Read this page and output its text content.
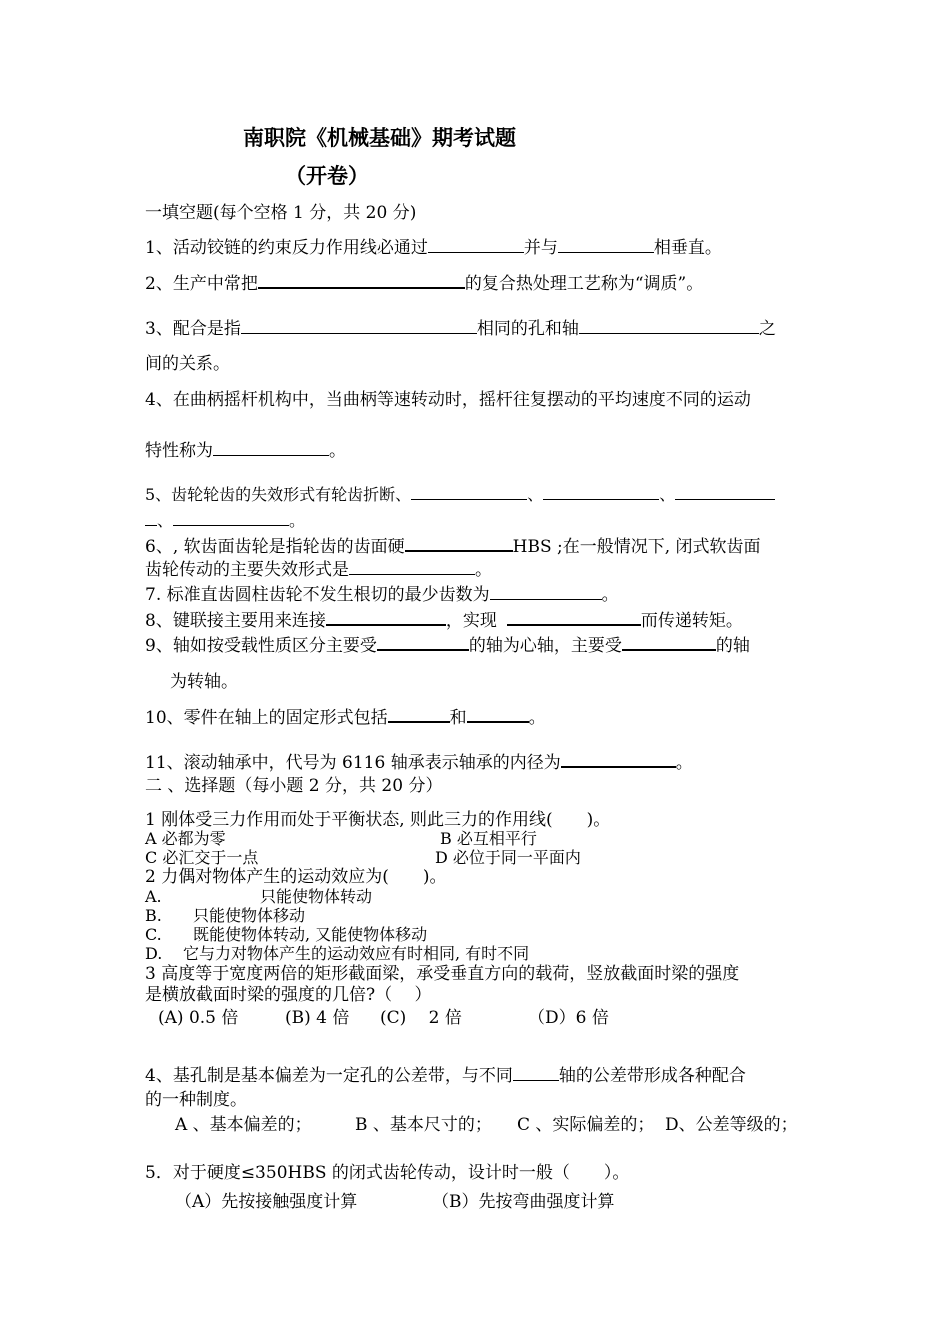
南职院《机械基础》期考试题
（开卷）
一填空题(每个空格 1 分，共 20 分)
1、活动铰链的约束反力作用线必通过	并与	相垂直。
2、生产中常把	的复合热处理工艺称为“调质”。
3、配合是指	相同的孔和轴	之
间的关系。
4、在曲柄摇杆机构中，当曲柄等速转动时，摇杆往复摆动的平均速度不同的运动
特性称为	。
5、齿轮轮齿的失效形式有轮齿折断、	、	、
、	。
6、, 软齿面齿轮是指轮齿的齿面硬	HBS ;在一般情况下, 闭式软齿面
齿轮传动的主要失效形式是	。
7. 标准直齿圆柱齿轮不发生根切的最少齿数为	。
8、键联接主要用来连接	，实现	而传递转矩。
9、轴如按受载性质区分主要受	的轴为心轴，主要受	的轴
为转轴。
10、零件在轴上的固定形式包括	和	。
11、滚动轴承中，代号为 6116 轴承表示轴承的内径为	。
二 、选择题（每小题 2 分，共 20 分）
1 刚体受三力作用而处于平衡状态, 则此三力的作用线(　　)。
A 必都为零	B 必互相平行
C 必汇交于一点	D 必位于同一平面内
2 力偶对物体产生的运动效应为(　　)。
A.	只能使物体转动
B. 只能使物体移动
C. 既能使物体转动, 又能使物体移动
D. 它与力对物体产生的运动效应有时相同, 有时不同
3 高度等于宽度两倍的矩形截面梁，承受垂直方向的载荷，竖放截面时梁的强度
是横放截面时梁的强度的几倍?（　 ）
(A) 0.5 倍	(B) 4 倍 (C)　 2 倍	（D）6 倍
4、基孔制是基本偏差为一定孔的公差带，与不同	轴的公差带形成各种配合
的一种制度。
A 、基本偏差的；	B 、基本尺寸的； C 、实际偏差的； D、公差等级的；
5．对于硬度≤350HBS 的闭式齿轮传动，设计时一般（　　）。
（A）先按接触强度计算	（B）先按弯曲强度计算
